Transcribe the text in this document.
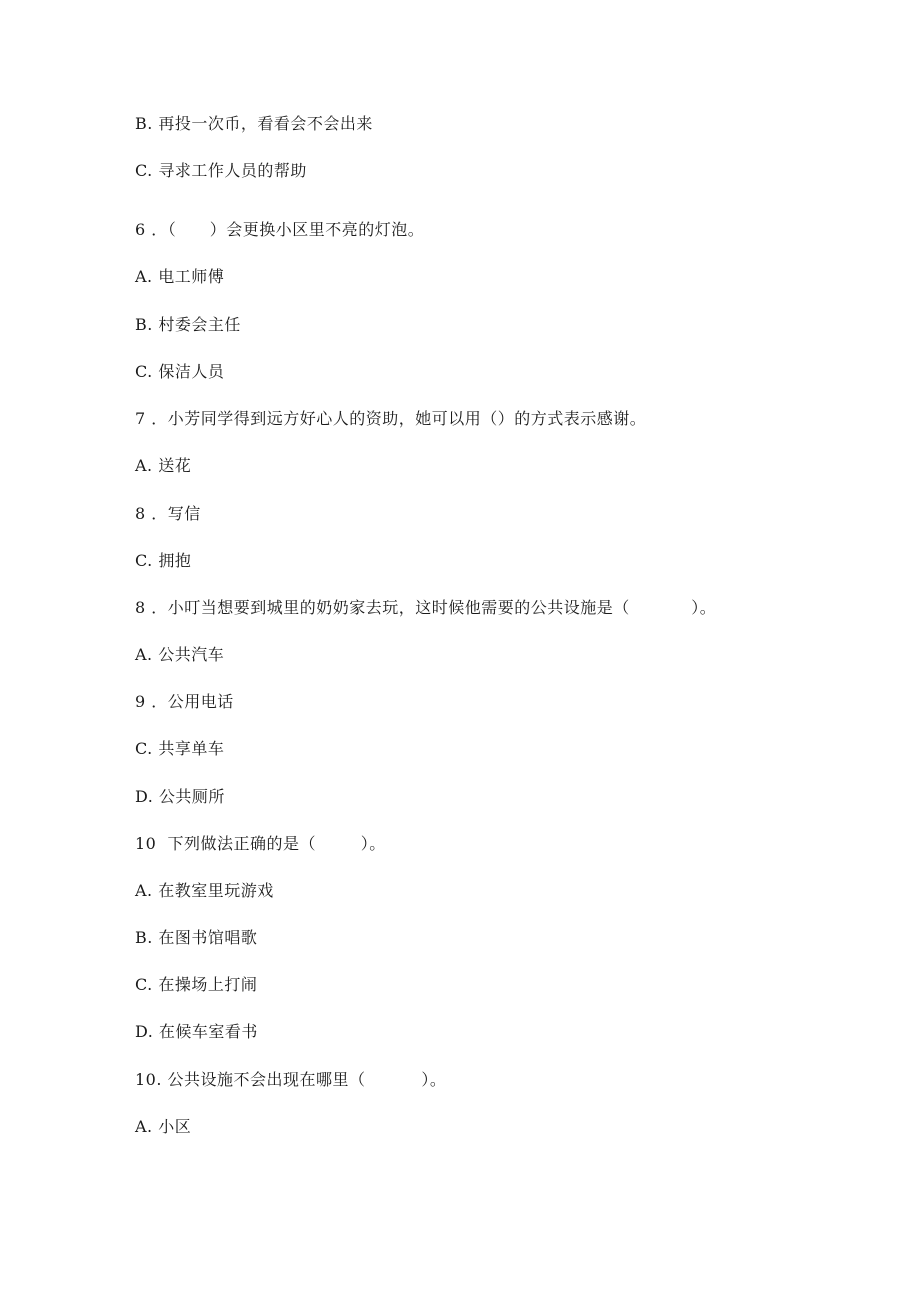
B. 再投一次币，看看会不会出来
C. 寻求工作人员的帮助
6 ．（      ）会更换小区里不亮的灯泡。
A. 电工师傅
B. 村委会主任
C. 保洁人员
7 ．小芳同学得到远方好心人的资助，她可以用（）的方式表示感谢。
A. 送花
8 ．写信
C. 拥抱
8 ．小叮当想要到城里的奶奶家去玩，这时候他需要的公共设施是（           ）。
A. 公共汽车
9 ．公用电话
C. 共享单车
D. 公共厕所
10  下列做法正确的是（        ）。
A. 在教室里玩游戏
B. 在图书馆唱歌
C. 在操场上打闹
D. 在候车室看书
10. 公共设施不会出现在哪里（          ）。
A. 小区
